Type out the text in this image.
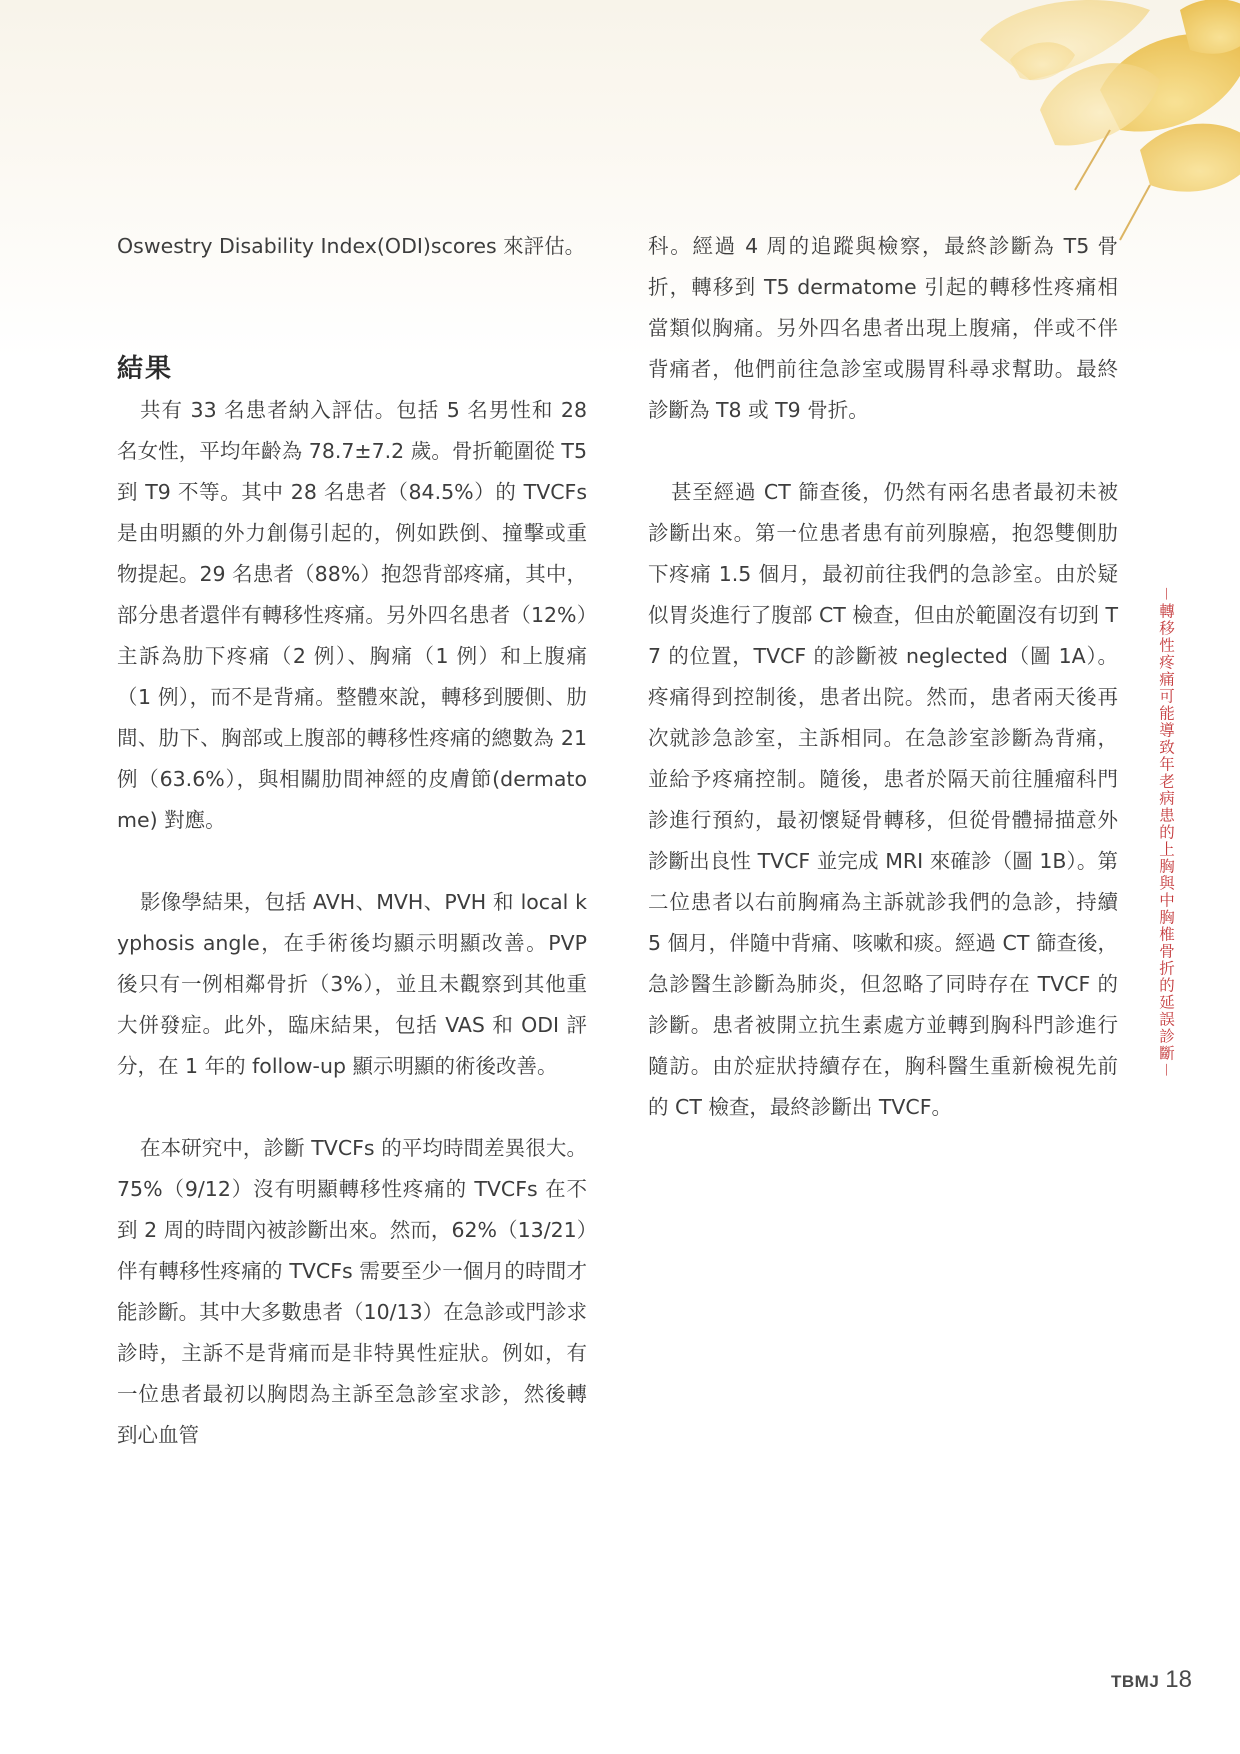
Oswestry Disability Index(ODI)scores 來評估。

結果

共有 33 名患者納入評估。包括 5 名男性和 28 名女性，平均年齡為 78.7±7.2 歲。骨折範圍從 T5 到 T9 不等。其中 28 名患者（84.5%）的 TVCFs 是由明顯的外力創傷引起的，例如跌倒、撞擊或重物提起。29 名患者（88%）抱怨背部疼痛，其中，部分患者還伴有轉移性疼痛。另外四名患者（12%）主訴為肋下疼痛（2 例）、胸痛（1 例）和上腹痛（1 例），而不是背痛。整體來說，轉移到腰側、肋間、肋下、胸部或上腹部的轉移性疼痛的總數為 21 例（63.6%），與相關肋間神經的皮膚節(dermatome) 對應。

影像學結果，包括 AVH、MVH、PVH 和 local kyphosis angle，在手術後均顯示明顯改善。PVP 後只有一例相鄰骨折（3%），並且未觀察到其他重大併發症。此外，臨床結果，包括 VAS 和 ODI 評分，在 1 年的 follow-up 顯示明顯的術後改善。

在本研究中，診斷 TVCFs 的平均時間差異很大。75%（9/12）沒有明顯轉移性疼痛的 TVCFs 在不到 2 周的時間內被診斷出來。然而，62%（13/21）伴有轉移性疼痛的 TVCFs 需要至少一個月的時間才能診斷。其中大多數患者（10/13）在急診或門診求診時，主訴不是背痛而是非特異性症狀。例如，有一位患者最初以胸悶為主訴至急診室求診，然後轉到心血管

科。經過 4 周的追蹤與檢察，最終診斷為 T5 骨折，轉移到 T5 dermatome 引起的轉移性疼痛相當類似胸痛。另外四名患者出現上腹痛，伴或不伴背痛者，他們前往急診室或腸胃科尋求幫助。最終診斷為 T8 或 T9 骨折。

甚至經過 CT 篩查後，仍然有兩名患者最初未被診斷出來。第一位患者患有前列腺癌，抱怨雙側肋下疼痛 1.5 個月，最初前往我們的急診室。由於疑似胃炎進行了腹部 CT 檢查，但由於範圍沒有切到 T7 的位置，TVCF 的診斷被 neglected（圖 1A）。疼痛得到控制後，患者出院。然而，患者兩天後再次就診急診室，主訴相同。在急診室診斷為背痛，並給予疼痛控制。隨後，患者於隔天前往腫瘤科門診進行預約，最初懷疑骨轉移，但從骨體掃描意外診斷出良性 TVCF 並完成 MRI 來確診（圖 1B）。第二位患者以右前胸痛為主訴就診我們的急診，持續 5 個月，伴隨中背痛、咳嗽和痰。經過 CT 篩查後，急診醫生診斷為肺炎，但忽略了同時存在 TVCF 的診斷。患者被開立抗生素處方並轉到胸科門診進行隨訪。由於症狀持續存在，胸科醫生重新檢視先前的 CT 檢查，最終診斷出 TVCF。

－轉移性疼痛可能導致年老病患的上胸與中胸椎骨折的延誤診斷－
TBMJ 18
